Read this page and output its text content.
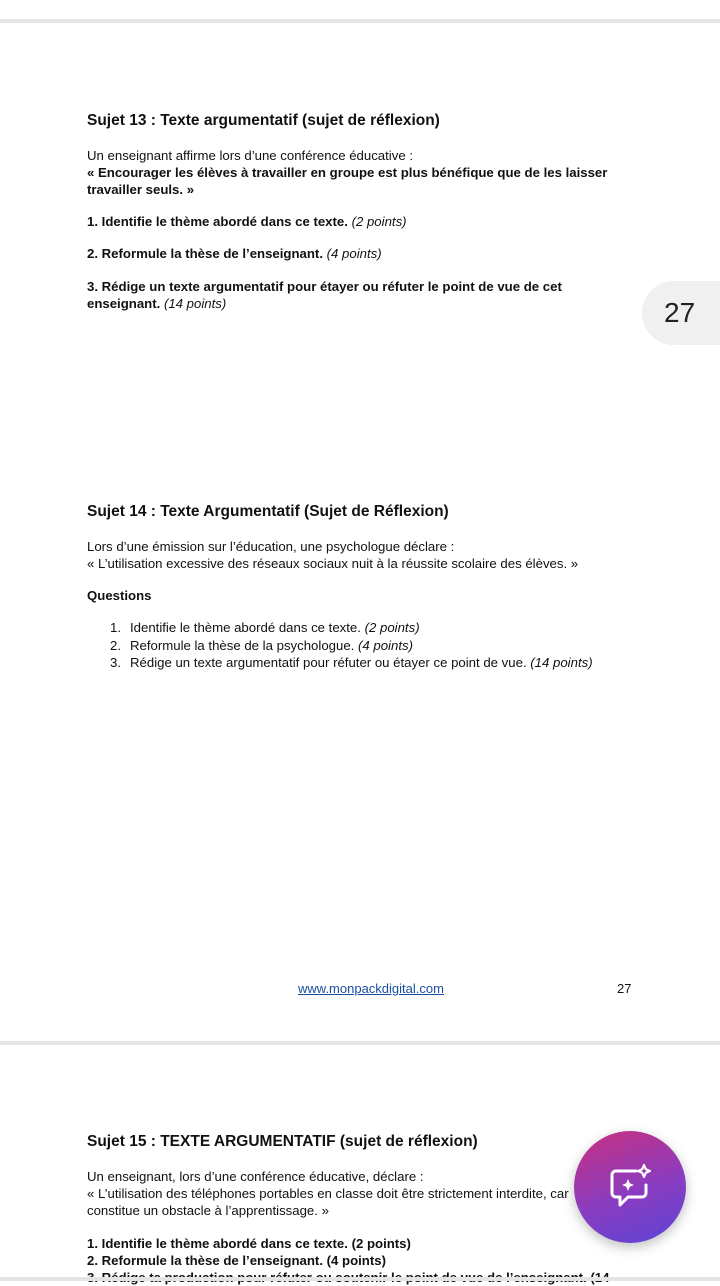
Sujet 13 : Texte argumentatif (sujet de réflexion)
Un enseignant affirme lors d’une conférence éducative :
« Encourager les élèves à travailler en groupe est plus bénéfique que de les laisser
travailler seuls. »
1. Identifie le thème abordé dans ce texte. (2 points)
2. Reformule la thèse de l’enseignant. (4 points)
3. Rédige un texte argumentatif pour étayer ou réfuter le point de vue de cet
enseignant. (14 points)	27
Sujet 14 : Texte Argumentatif (Sujet de Réflexion)
Lors d’une émission sur l’éducation, une psychologue déclare :
« L’utilisation excessive des réseaux sociaux nuit à la réussite scolaire des élèves. »
Questions
1. Identifie le thème abordé dans ce texte. (2 points)
2. Reformule la thèse de la psychologue. (4 points)
3. Rédige un texte argumentatif pour réfuter ou étayer ce point de vue. (14 points)
www.monpackdigital.com	27
Sujet 15 : TEXTE ARGUMENTATIF (sujet de réflexion)
Un enseignant, lors d’une conférence éducative, déclare :
« L’utilisation des téléphones portables en classe doit être strictement interdite, car
constitue un obstacle à l’apprentissage. »
1. Identifie le thème abordé dans ce texte. (2 points)
2. Reformule la thèse de l’enseignant. (4 points)
